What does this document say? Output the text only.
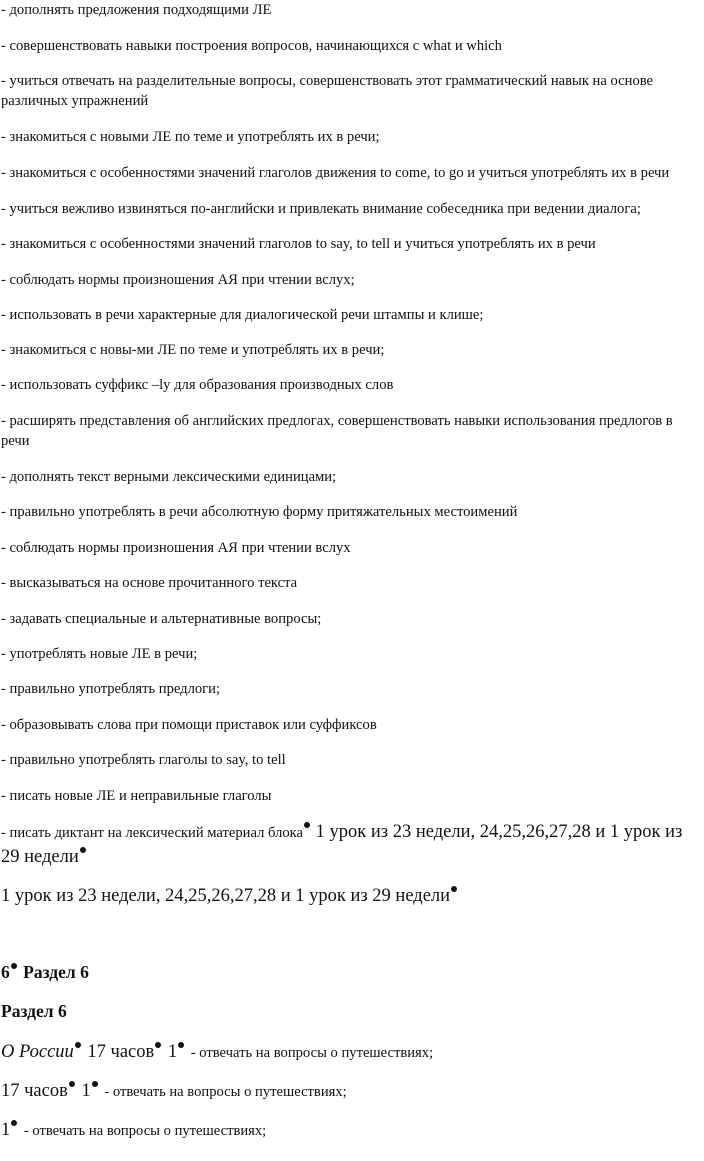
- дополнять предложения подходящими ЛЕ
- совершенствовать навыки построения вопросов, начинающихся с what и which
- учиться отвечать на разделительные вопросы, совершенствовать этот грамматический навык на основе различных упражнений
- знакомиться с новыми ЛЕ по теме и употреблять их в речи;
- знакомиться с особенностями значений глаголов движения to come, to go и учиться употреблять их в речи
- учиться вежливо извиняться по-английски и привлекать внимание собеседника при ведении диалога;
- знакомиться с особенностями значений глаголов to say, to tell и учиться употреблять их в речи
- соблюдать нормы произношения АЯ при чтении вслух;
- использовать в речи характерные для диалогической речи штампы и клише;
- знакомиться с новы-ми ЛЕ по теме и употреблять их в речи;
- использовать суффикс –ly для образования производных слов
- расширять представления об английских предлогах, совершенствовать навыки использования предлогов в речи
- дополнять текст верными лексическими единицами;
- правильно употреблять в речи абсолютную форму притяжательных местоимений
- соблюдать нормы произношения АЯ при чтении вслух
- высказываться на основе прочитанного текста
- задавать специальные и альтернативные вопросы;
- употреблять новые ЛЕ в речи;
- правильно употреблять предлоги;
- образовывать слова при помощи приставок или суффиксов
- правильно употреблять глаголы to say, to tell
- писать новые ЛЕ и неправильные глаголы
- писать диктант на лексический материал блока 1 урок из 23 недели, 24,25,26,27,28 и 1 урок из 29 недели
1 урок из 23 недели, 24,25,26,27,28 и 1 урок из 29 недели
6 Раздел 6
Раздел 6
О России 17 часов 1 - отвечать на вопросы о путешествиях;
17 часов 1 - отвечать на вопросы о путешествиях;
1 - отвечать на вопросы о путешествиях;
